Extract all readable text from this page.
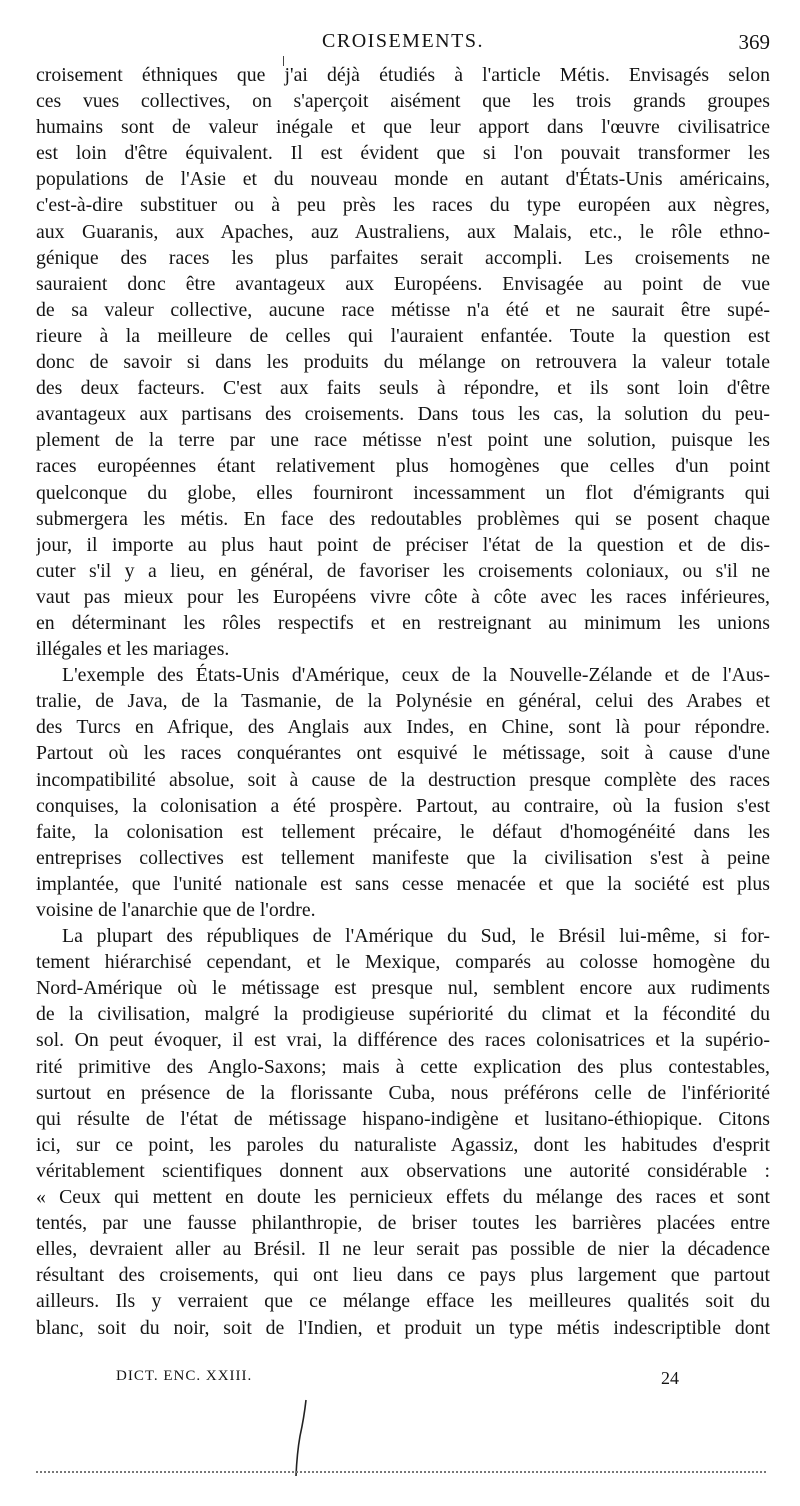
CROISEMENTS.	369
croisement éthniques que j'ai déjà étudiés à l'article Métis. Envisagés selon
ces vues collectives, on s'aperçoit aisément que les trois grands groupes
humains sont de valeur inégale et que leur apport dans l'œuvre civilisatrice
est loin d'être équivalent. Il est évident que si l'on pouvait transformer les
populations de l'Asie et du nouveau monde en autant d'États-Unis américains,
c'est-à-dire substituer ou à peu près les races du type européen aux nègres,
aux Guaranis, aux Apaches, auz Australiens, aux Malais, etc., le rôle ethno-
génique des races les plus parfaites serait accompli. Les croisements ne
sauraient donc être avantageux aux Européens. Envisagée au point de vue
de sa valeur collective, aucune race métisse n'a été et ne saurait être supé-
rieure à la meilleure de celles qui l'auraient enfantée. Toute la question est
donc de savoir si dans les produits du mélange on retrouvera la valeur totale
des deux facteurs. C'est aux faits seuls à répondre, et ils sont loin d'être
avantageux aux partisans des croisements. Dans tous les cas, la solution du peu-
plement de la terre par une race métisse n'est point une solution, puisque les
races européennes étant relativement plus homogènes que celles d'un point
quelconque du globe, elles fourniront incessamment un flot d'émigrants qui
submergera les métis. En face des redoutables problèmes qui se posent chaque
jour, il importe au plus haut point de préciser l'état de la question et de dis-
cuter s'il y a lieu, en général, de favoriser les croisements coloniaux, ou s'il ne
vaut pas mieux pour les Européens vivre côte à côte avec les races inférieures,
en déterminant les rôles respectifs et en restreignant au minimum les unions
illégales et les mariages.
L'exemple des États-Unis d'Amérique, ceux de la Nouvelle-Zélande et de l'Aus-
tralie, de Java, de la Tasmanie, de la Polynésie en général, celui des Arabes et
des Turcs en Afrique, des Anglais aux Indes, en Chine, sont là pour répondre.
Partout où les races conquérantes ont esquivé le métissage, soit à cause d'une
incompatibilité absolue, soit à cause de la destruction presque complète des races
conquises, la colonisation a été prospère. Partout, au contraire, où la fusion s'est
faite, la colonisation est tellement précaire, le défaut d'homogénéité dans les
entreprises collectives est tellement manifeste que la civilisation s'est à peine
implantée, que l'unité nationale est sans cesse menacée et que la société est plus
voisine de l'anarchie que de l'ordre.
La plupart des républiques de l'Amérique du Sud, le Brésil lui-même, si for-
tement hiérarchisé cependant, et le Mexique, comparés au colosse homogène du
Nord-Amérique où le métissage est presque nul, semblent encore aux rudiments
de la civilisation, malgré la prodigieuse supériorité du climat et la fécondité du
sol. On peut évoquer, il est vrai, la différence des races colonisatrices et la supério-
rité primitive des Anglo-Saxons; mais à cette explication des plus contestables,
surtout en présence de la florissante Cuba, nous préférons celle de l'infériorité
qui résulte de l'état de métissage hispano-indigène et lusitano-éthiopique. Citons
ici, sur ce point, les paroles du naturaliste Agassiz, dont les habitudes d'esprit
véritablement scientifiques donnent aux observations une autorité considérable :
« Ceux qui mettent en doute les pernicieux effets du mélange des races et sont
tentés, par une fausse philanthropie, de briser toutes les barrières placées entre
elles, devraient aller au Brésil. Il ne leur serait pas possible de nier la décadence
résultant des croisements, qui ont lieu dans ce pays plus largement que partout
ailleurs. Ils y verraient que ce mélange efface les meilleures qualités soit du
blanc, soit du noir, soit de l'Indien, et produit un type métis indescriptible dont
DICT. ENC. XXIII.	24
